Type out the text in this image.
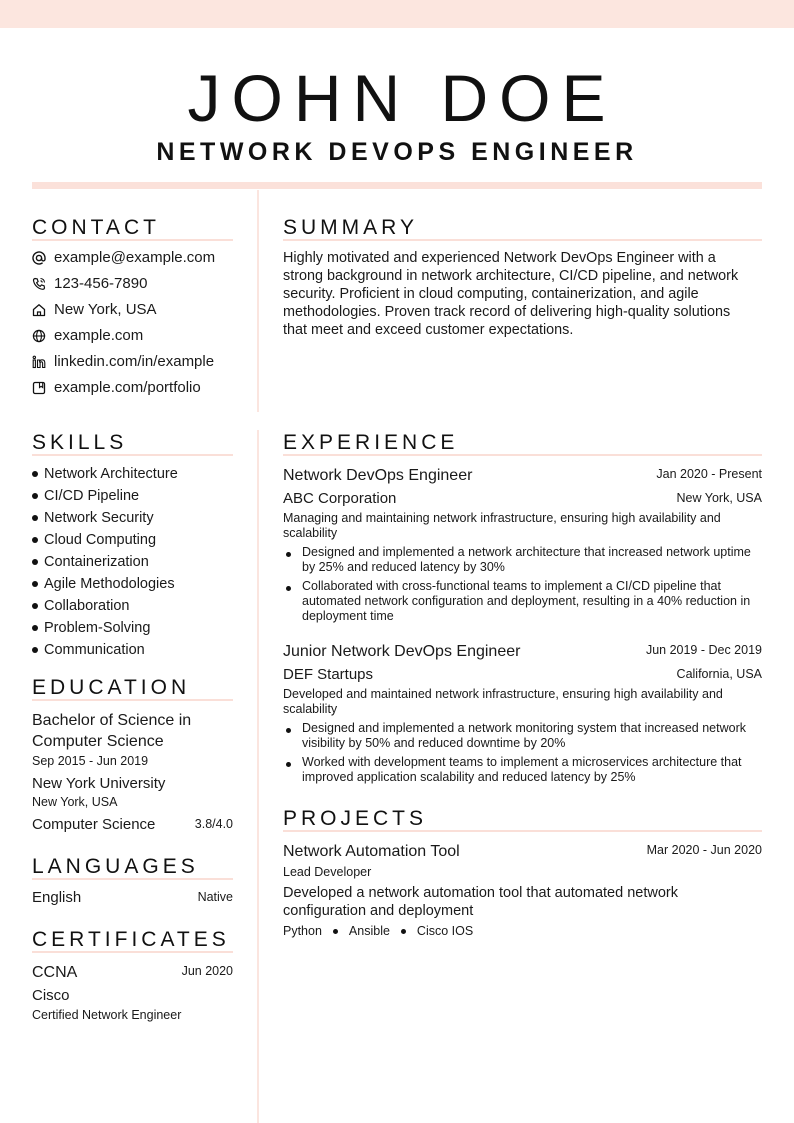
JOHN DOE
NETWORK DEVOPS ENGINEER
CONTACT
example@example.com
123-456-7890
New York, USA
example.com
linkedin.com/in/example
example.com/portfolio
SUMMARY

Highly motivated and experienced Network DevOps Engineer with a strong background in network architecture, CI/CD pipeline, and network security. Proficient in cloud computing, containerization, and agile methodologies. Proven track record of delivering high-quality solutions that meet and exceed customer expectations.

SKILLS
Network Architecture
CI/CD Pipeline
Network Security
Cloud Computing
Containerization
Agile Methodologies
Collaboration
Problem-Solving
Communication
EDUCATION
Bachelor of Science in Computer Science
Sep 2015 - Jun 2019
New York University
New York, USA
Computer Science	3.8/4.0
LANGUAGES
English	Native
CERTIFICATES
CCNA	Jun 2020
Cisco
Certified Network Engineer
EXPERIENCE
Network DevOps Engineer	Jan 2020 - Present
ABC Corporation	New York, USA
Managing and maintaining network infrastructure, ensuring high availability and scalability
Designed and implemented a network architecture that increased network uptime by 25% and reduced latency by 30%
Collaborated with cross-functional teams to implement a CI/CD pipeline that automated network configuration and deployment, resulting in a 40% reduction in deployment time
Junior Network DevOps Engineer	Jun 2019 - Dec 2019
DEF Startups	California, USA
Developed and maintained network infrastructure, ensuring high availability and scalability
Designed and implemented a network monitoring system that increased network visibility by 50% and reduced downtime by 20%
Worked with development teams to implement a microservices architecture that improved application scalability and reduced latency by 25%
PROJECTS
Network Automation Tool	Mar 2020 - Jun 2020
Lead Developer
Developed a network automation tool that automated network configuration and deployment
Python Ansible Cisco IOS
